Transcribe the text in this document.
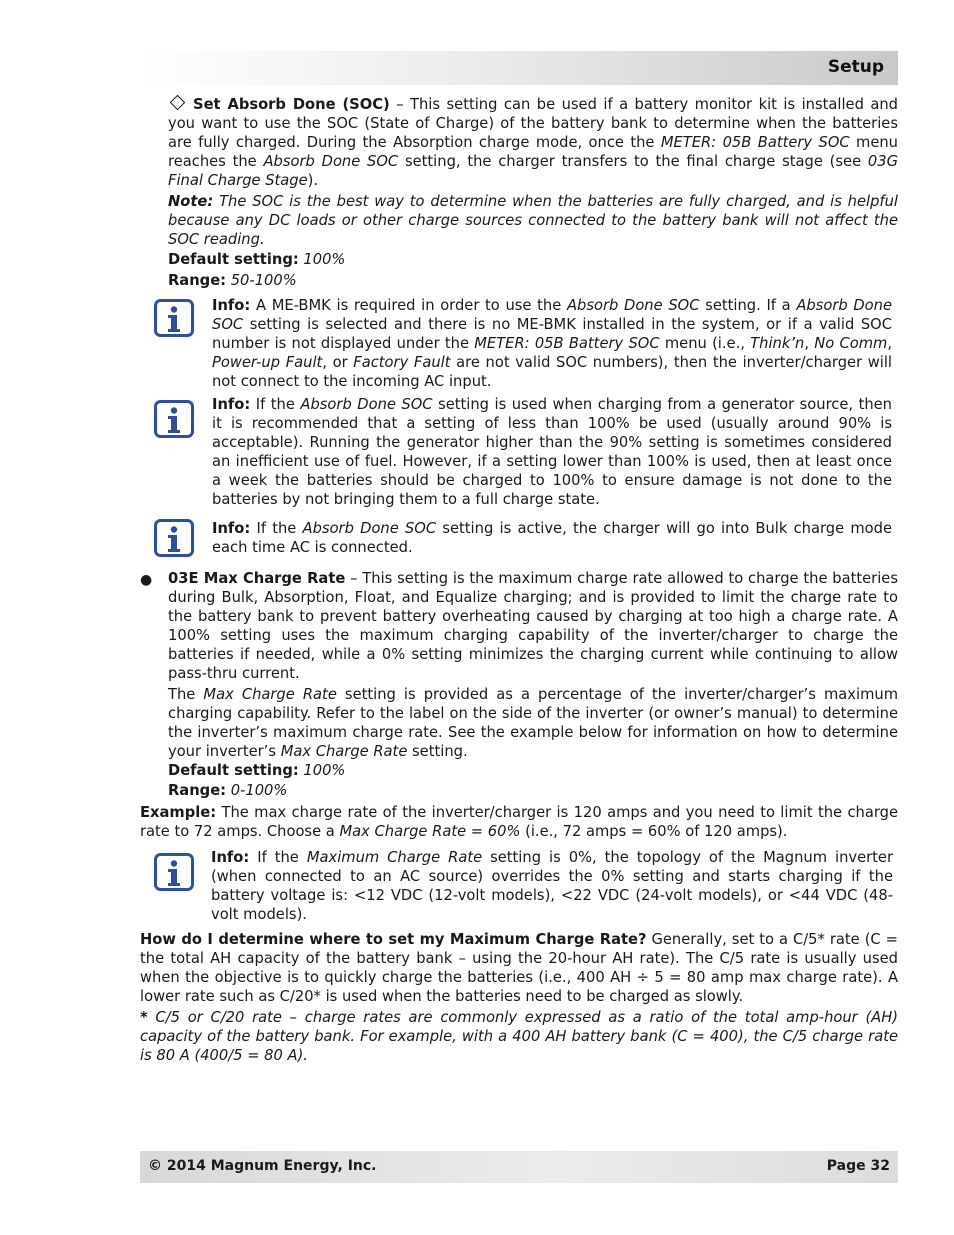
Setup
Set Absorb Done (SOC) – This setting can be used if a battery monitor kit is installed and you want to use the SOC (State of Charge) of the battery bank to determine when the batteries are fully charged. During the Absorption charge mode, once the METER: 05B Battery SOC menu reaches the Absorb Done SOC setting, the charger transfers to the final charge stage (see 03G Final Charge Stage).
Note: The SOC is the best way to determine when the batteries are fully charged, and is helpful because any DC loads or other charge sources connected to the battery bank will not affect the SOC reading.
Default setting: 100%
Range: 50-100%
Info: A ME-BMK is required in order to use the Absorb Done SOC setting. If a Absorb Done SOC setting is selected and there is no ME-BMK installed in the system, or if a valid SOC number is not displayed under the METER: 05B Battery SOC menu (i.e., Think’n, No Comm, Power-up Fault, or Factory Fault are not valid SOC numbers), then the inverter/charger will not connect to the incoming AC input.
Info: If the Absorb Done SOC setting is used when charging from a generator source, then it is recommended that a setting of less than 100% be used (usually around 90% is acceptable). Running the generator higher than the 90% setting is sometimes considered an inefficient use of fuel. However, if a setting lower than 100% is used, then at least once a week the batteries should be charged to 100% to ensure damage is not done to the batteries by not bringing them to a full charge state.
Info: If the Absorb Done SOC setting is active, the charger will go into Bulk charge mode each time AC is connected.
● 03E Max Charge Rate – This setting is the maximum charge rate allowed to charge the batteries during Bulk, Absorption, Float, and Equalize charging; and is provided to limit the charge rate to the battery bank to prevent battery overheating caused by charging at too high a charge rate. A 100% setting uses the maximum charging capability of the inverter/charger to charge the batteries if needed, while a 0% setting minimizes the charging current while continuing to allow pass-thru current.
The Max Charge Rate setting is provided as a percentage of the inverter/charger’s maximum charging capability. Refer to the label on the side of the inverter (or owner’s manual) to determine the inverter’s maximum charge rate. See the example below for information on how to determine your inverter’s Max Charge Rate setting.
Default setting: 100%
Range: 0-100%
Example: The max charge rate of the inverter/charger is 120 amps and you need to limit the charge rate to 72 amps. Choose a Max Charge Rate = 60% (i.e., 72 amps = 60% of 120 amps).
Info: If the Maximum Charge Rate setting is 0%, the topology of the Magnum inverter (when connected to an AC source) overrides the 0% setting and starts charging if the battery voltage is: <12 VDC (12-volt models), <22 VDC (24-volt models), or <44 VDC (48-volt models).
How do I determine where to set my Maximum Charge Rate? Generally, set to a C/5* rate (C = the total AH capacity of the battery bank – using the 20-hour AH rate). The C/5 rate is usually used when the objective is to quickly charge the batteries (i.e., 400 AH ÷ 5 = 80 amp max charge rate). A lower rate such as C/20* is used when the batteries need to be charged as slowly.
* C/5 or C/20 rate – charge rates are commonly expressed as a ratio of the total amp-hour (AH) capacity of the battery bank. For example, with a 400 AH battery bank (C = 400), the C/5 charge rate is 80 A (400/5 = 80 A).
© 2014 Magnum Energy, Inc.	Page 32
